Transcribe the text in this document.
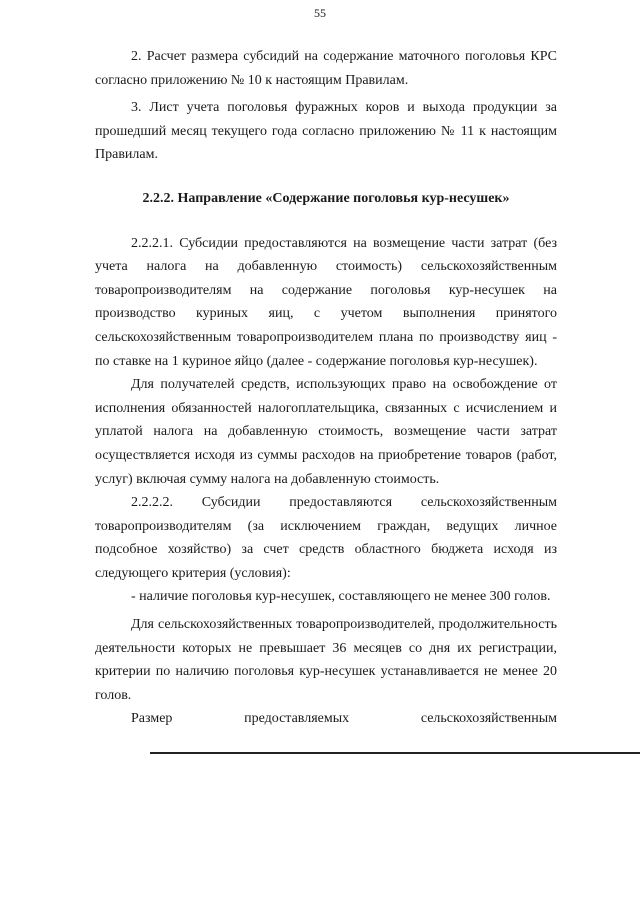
55

2. Расчет размера субсидий на содержание маточного поголовья КРС согласно приложению № 10 к настоящим Правилам.

3. Лист учета поголовья фуражных коров и выхода продукции за прошедший месяц текущего года согласно приложению № 11 к настоящим Правилам.

2.2.2. Направление «Содержание поголовья кур-несушек»

2.2.2.1. Субсидии предоставляются на возмещение части затрат (без учета налога на добавленную стоимость) сельскохозяйственным товаропроизводителям на содержание поголовья кур-несушек на производство куриных яиц, с учетом выполнения принятого сельскохозяйственным товаропроизводителем плана по производству яиц - по ставке на 1 куриное яйцо (далее - содержание поголовья кур-несушек).

Для получателей средств, использующих право на освобождение от исполнения обязанностей налогоплательщика, связанных с исчислением и уплатой налога на добавленную стоимость, возмещение части затрат осуществляется исходя из суммы расходов на приобретение товаров (работ, услуг) включая сумму налога на добавленную стоимость.

2.2.2.2. Субсидии предоставляются сельскохозяйственным товаропроизводителям (за исключением граждан, ведущих личное подсобное хозяйство) за счет средств областного бюджета исходя из следующего критерия (условия):

- наличие поголовья кур-несушек, составляющего не менее 300 голов.

Для сельскохозяйственных товаропроизводителей, продолжительность деятельности которых не превышает 36 месяцев со дня их регистрации, критерии по наличию поголовья кур-несушек устанавливается не менее 20 голов.

Размер предоставляемых сельскохозяйственным
